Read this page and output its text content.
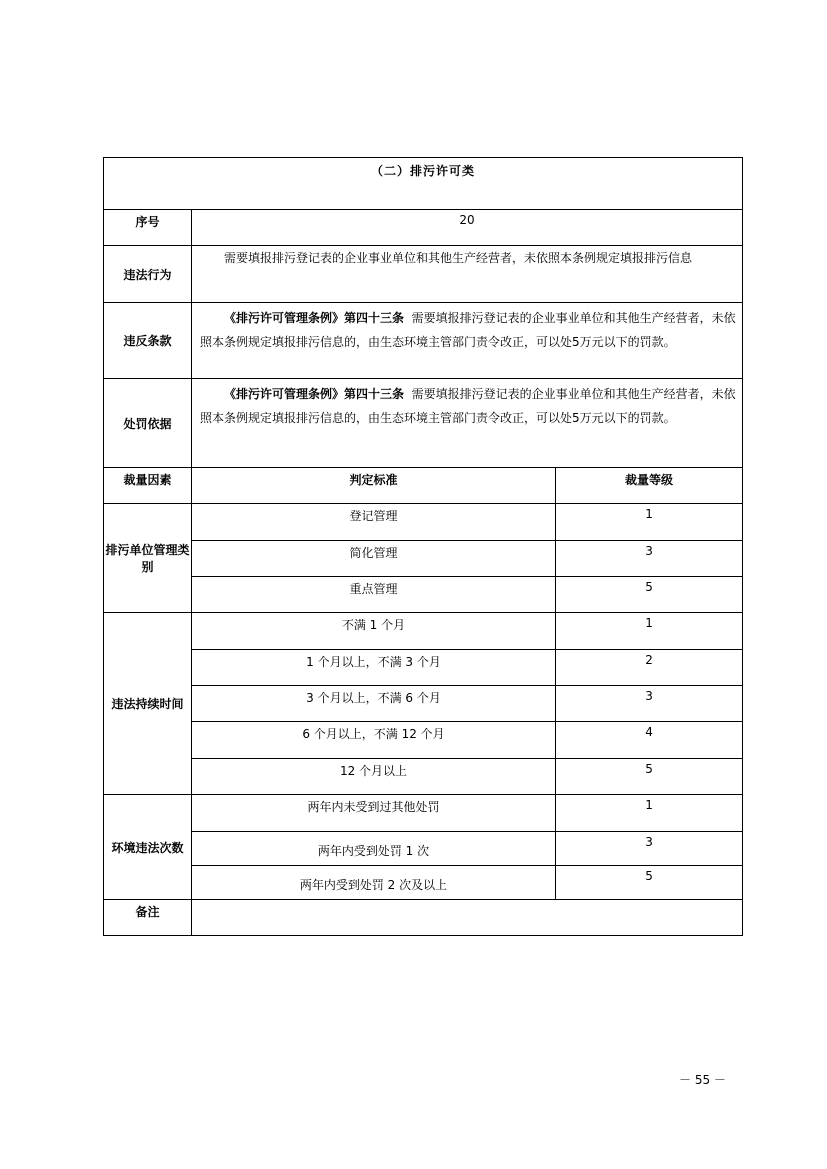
（二）排污许可类		
序号	20	
违法行为	需要填报排污登记表的企业事业单位和其他生产经营者，未依照本条例规定填报排污信息	
违反条款	《排污许可管理条例》第四十三条 需要填报排污登记表的企业事业单位和其他生产经营者，未依照本条例规定填报排污信息的，由生态环境主管部门责令改正，可以处5万元以下的罚款。	
处罚依据	《排污许可管理条例》第四十三条 需要填报排污登记表的企业事业单位和其他生产经营者，未依照本条例规定填报排污信息的，由生态环境主管部门责令改正，可以处5万元以下的罚款。	
裁量因素	判定标准	裁量等级
排污单位管理类别	登记管理	1
	简化管理	3
	重点管理	5
违法持续时间	不满 1 个月	1
	1 个月以上，不满 3 个月	2
	3 个月以上，不满 6 个月	3
	6 个月以上，不满 12 个月	4
	12 个月以上	5
环境违法次数	两年内未受到过其他处罚	1
	两年内受到处罚 1 次	3
	两年内受到处罚 2 次及以上	5
备注		
－ 55 －
